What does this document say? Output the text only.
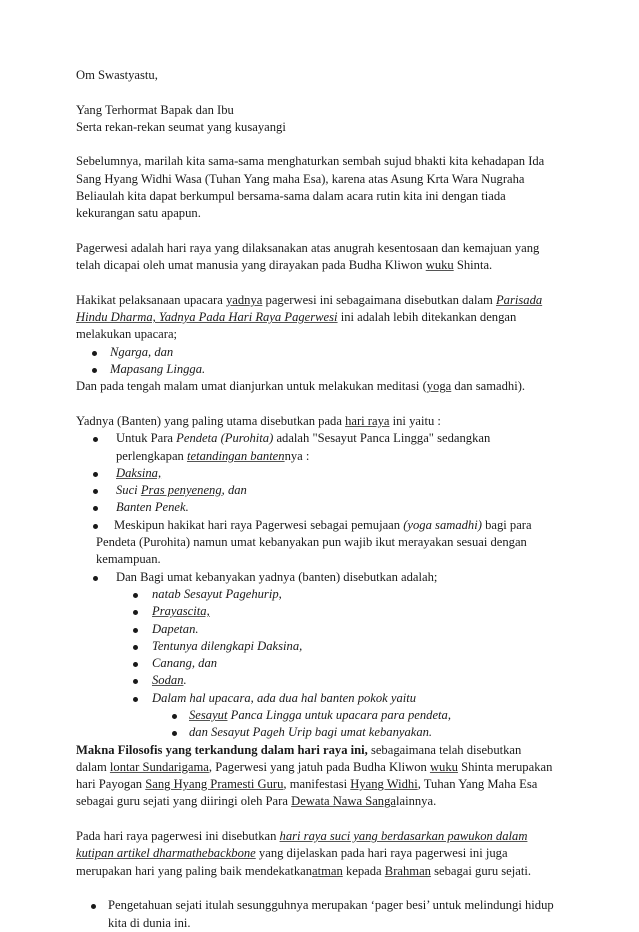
Om Swastyastu,

Yang Terhormat Bapak dan Ibu

Serta rekan-rekan seumat yang kusayangi

Sebelumnya, marilah kita sama-sama menghaturkan sembah sujud bhakti kita kehadapan Ida

Sang Hyang Widhi Wasa (Tuhan Yang maha Esa), karena atas Asung Krta Wara Nugraha

Beliaulah kita dapat berkumpul bersama-sama dalam acara rutin kita ini dengan tiada

kekurangan satu apapun.

Pagerwesi adalah hari raya yang dilaksanakan atas anugrah kesentosaan dan kemajuan yang

telah dicapai oleh umat manusia yang dirayakan pada Budha Kliwon wuku Shinta.

Hakikat pelaksanaan upacara yadnya pagerwesi ini sebagaimana disebutkan dalam Parisada

Hindu Dharma, Yadnya Pada Hari Raya Pagerwesi ini adalah lebih ditekankan dengan

melakukan upacara;

Ngarga, dan
Mapasang Lingga.

Dan pada tengah malam umat dianjurkan untuk melakukan meditasi (yoga dan samadhi).

Yadnya (Banten) yang paling utama disebutkan pada hari raya ini yaitu :

Untuk Para Pendeta (Purohita) adalah "Sesayut Panca Lingga" sedangkan
perlengkapan tetandingan bantennya :
Daksina,
Suci Pras penyeneng, dan
Banten Penek.
Meskipun hakikat hari raya Pagerwesi sebagai pemujaan (yoga samadhi) bagi para

Pendeta (Purohita) namun umat kebanyakan pun wajib ikut merayakan sesuai dengan

kemampuan.

Dan Bagi umat kebanyakan yadnya (banten) disebutkan adalah;
natab Sesayut Pagehurip,
Prayascita,
Dapetan.
Tentunya dilengkapi Daksina,
Canang, dan
Sodan.
Dalam hal upacara, ada dua hal banten pokok yaitu
Sesayut Panca Lingga untuk upacara para pendeta,
dan Sesayut Pageh Urip bagi umat kebanyakan.

Makna Filosofis yang terkandung dalam hari raya ini, sebagaimana telah disebutkan

dalam lontar Sundarigama, Pagerwesi yang jatuh pada Budha Kliwon wuku Shinta merupakan

hari Payogan Sang Hyang Pramesti Guru, manifestasi Hyang Widhi, Tuhan Yang Maha Esa

sebagai guru sejati yang diiringi oleh Para Dewata Nawa Sangalainnya.

Pada hari raya pagerwesi ini disebutkan hari raya suci yang berdasarkan pawukon dalam

kutipan artikel dharmathebackbone yang dijelaskan pada hari raya pagerwesi ini juga

merupakan hari yang paling baik mendekatkanatman kepada Brahman sebagai guru sejati.

Pengetahuan sejati itulah sesungguhnya merupakan ‘pager besi’ untuk melindungi hidup
kita di dunia ini.
